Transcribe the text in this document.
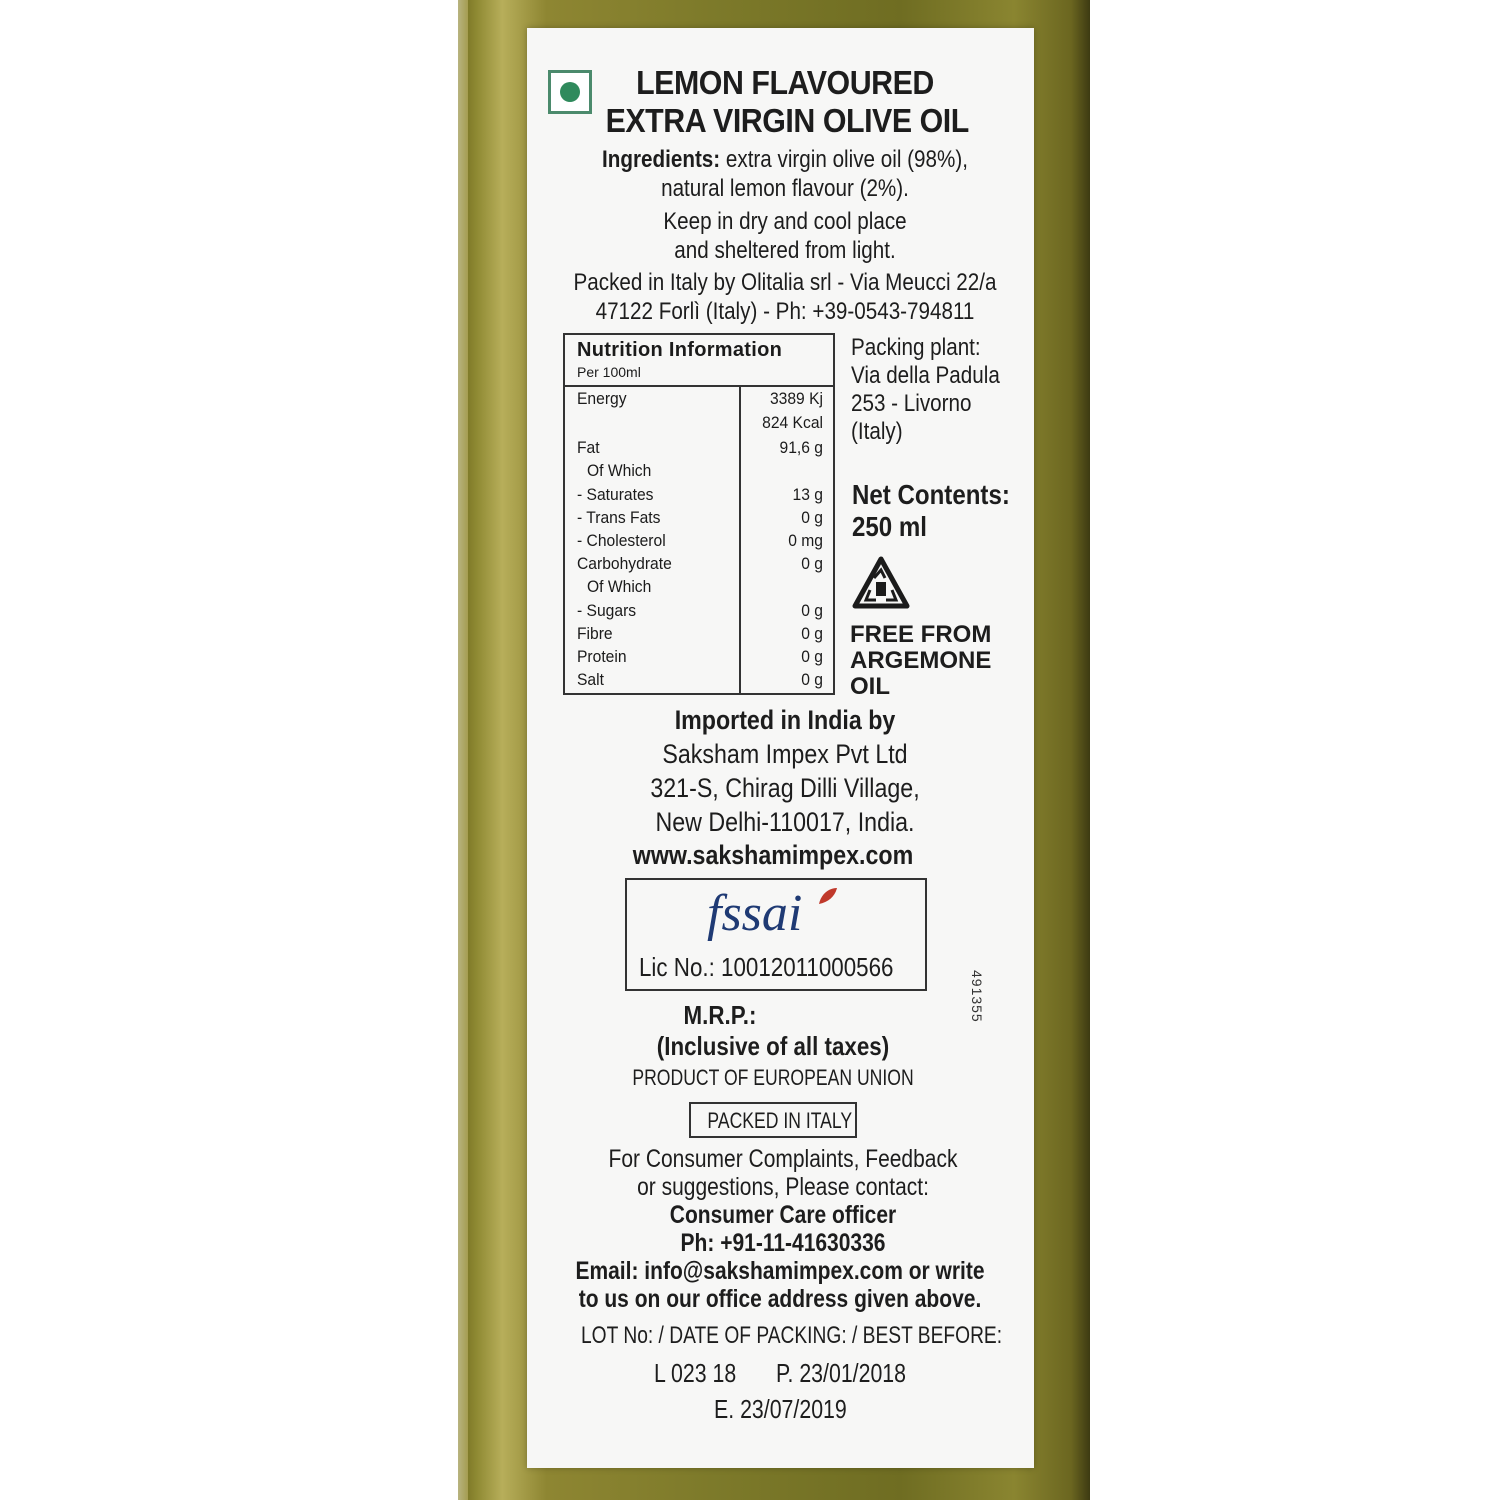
LEMON FLAVOURED
EXTRA VIRGIN OLIVE OIL
Ingredients: extra virgin olive oil (98%),
natural lemon flavour (2%).
Keep in dry and cool place
and sheltered from light.
Packed in Italy by Olitalia srl - Via Meucci 22/a
47122 Forlì (Italy) - Ph: +39-0543-794811
Nutrition Information
Per 100ml
Energy	3389 Kj
824 Kcal
Fat	91,6 g
Of Which
- Saturates	13 g
- Trans Fats	0 g
- Cholesterol	0 mg
Carbohydrate	0 g
Of Which
- Sugars	0 g
Fibre	0 g
Protein	0 g
Salt	0 g
Packing plant:
Via della Padula
253 - Livorno
(Italy)
Net Contents:
250 ml
FREE FROM
ARGEMONE
OIL
Imported in India by
Saksham Impex Pvt Ltd
321-S, Chirag Dilli Village,
New Delhi-110017, India.
www.sakshamimpex.com
fssai
Lic No.: 10012011000566
491355
M.R.P.:
(Inclusive of all taxes)
PRODUCT OF EUROPEAN UNION
PACKED IN ITALY
For Consumer Complaints, Feedback
or suggestions, Please contact:
Consumer Care officer
Ph: +91-11-41630336
Email: info@sakshamimpex.com or write
to us on our office address given above.
LOT No: / DATE OF PACKING: / BEST BEFORE:
L 023 18 P. 23/01/2018
E. 23/07/2019
